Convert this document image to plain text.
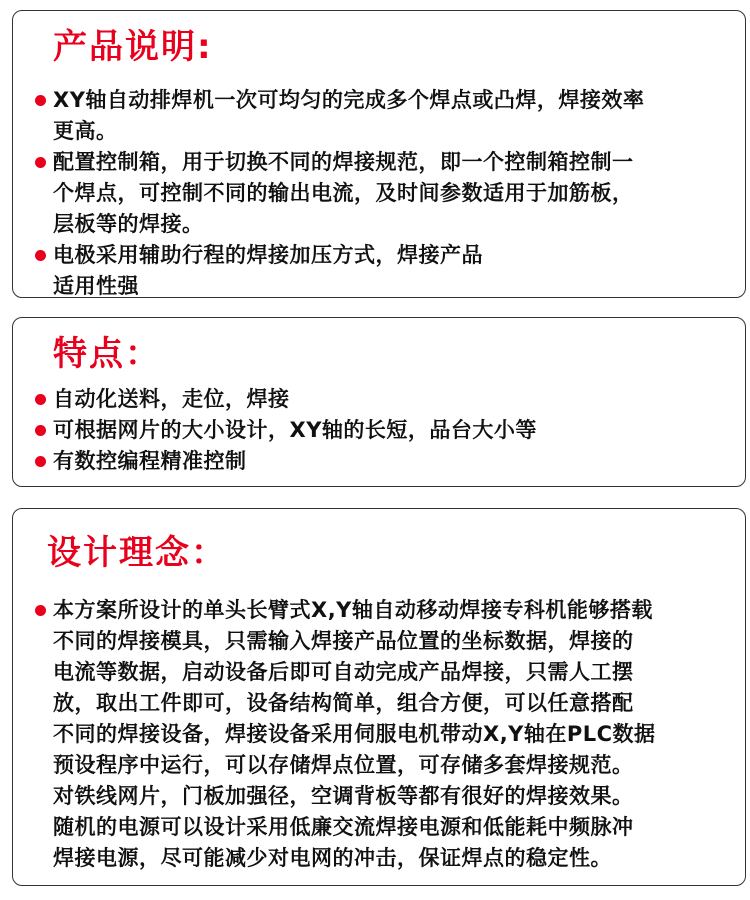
产品说明:
XY轴自动排焊机一次可均匀的完成多个焊点或凸焊，焊接效率
更高。
配置控制箱，用于切换不同的焊接规范，即一个控制箱控制一
个焊点，可控制不同的输出电流，及时间参数适用于加筋板，
层板等的焊接。
电极采用辅助行程的焊接加压方式，焊接产品
适用性强
特点：
自动化送料，走位，焊接
可根据网片的大小设计，XY轴的长短，品台大小等
有数控编程精准控制
设计理念：
本方案所设计的单头长臂式X,Y轴自动移动焊接专科机能够搭载
不同的焊接模具，只需输入焊接产品位置的坐标数据，焊接的
电流等数据，启动设备后即可自动完成产品焊接，只需人工摆
放，取出工件即可，设备结构简单，组合方便，可以任意搭配
不同的焊接设备，焊接设备采用伺服电机带动X,Y轴在PLC数据
预设程序中运行，可以存储焊点位置，可存储多套焊接规范。
对铁线网片，门板加强径，空调背板等都有很好的焊接效果。
随机的电源可以设计采用低廉交流焊接电源和低能耗中频脉冲
焊接电源，尽可能减少对电网的冲击，保证焊点的稳定性。
